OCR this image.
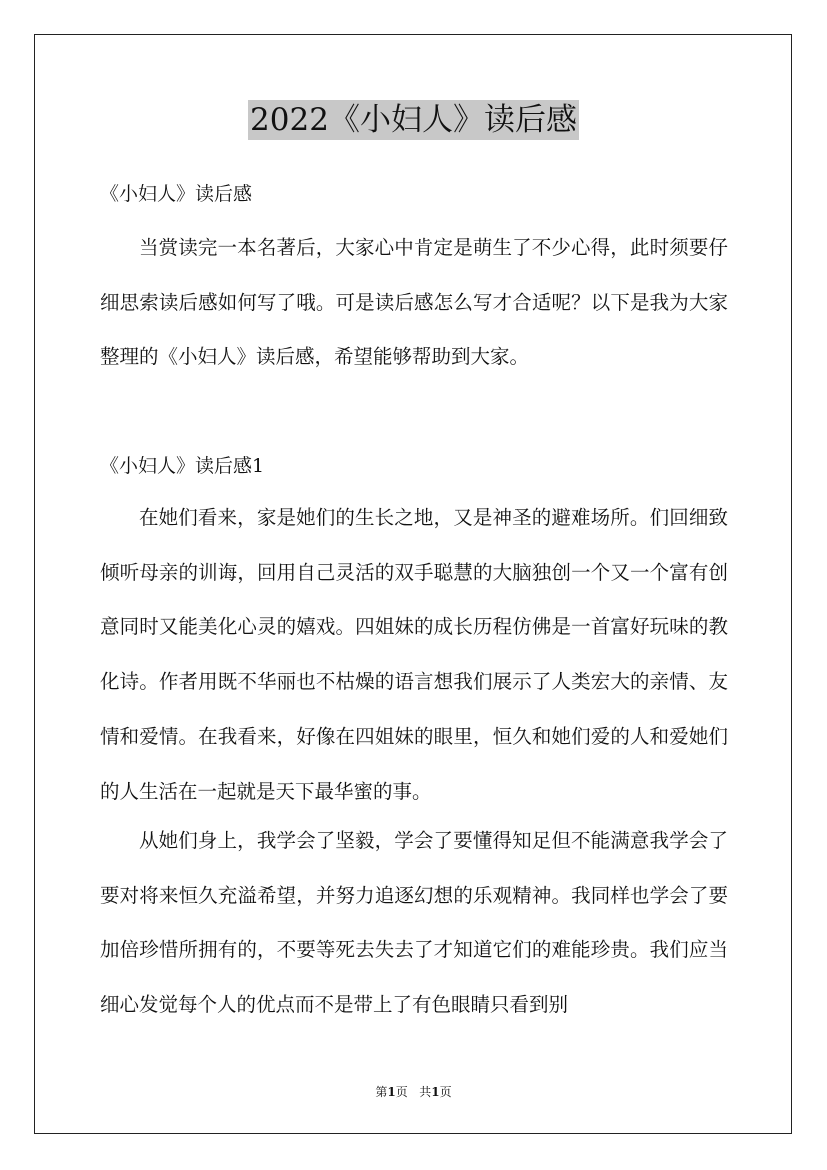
2022《小妇人》读后感
《小妇人》读后感

当赏读完一本名著后，大家心中肯定是萌生了不少心得，此时须要仔细思索读后感如何写了哦。可是读后感怎么写才合适呢？以下是我为大家整理的《小妇人》读后感，希望能够帮助到大家。

《小妇人》读后感1

在她们看来，家是她们的生长之地，又是神圣的避难场所。们回细致倾听母亲的训诲，回用自己灵活的双手聪慧的大脑独创一个又一个富有创意同时又能美化心灵的嬉戏。四姐妹的成长历程仿佛是一首富好玩味的教化诗。作者用既不华丽也不枯燥的语言想我们展示了人类宏大的亲情、友情和爱情。在我看来，好像在四姐妹的眼里，恒久和她们爱的人和爱她们的人生活在一起就是天下最华蜜的事。

从她们身上，我学会了坚毅，学会了要懂得知足但不能满意我学会了要对将来恒久充溢希望，并努力追逐幻想的乐观精神。我同样也学会了要加倍珍惜所拥有的，不要等死去失去了才知道它们的难能珍贵。我们应当细心发觉每个人的优点而不是带上了有色眼睛只看到别

第1页 共1页
